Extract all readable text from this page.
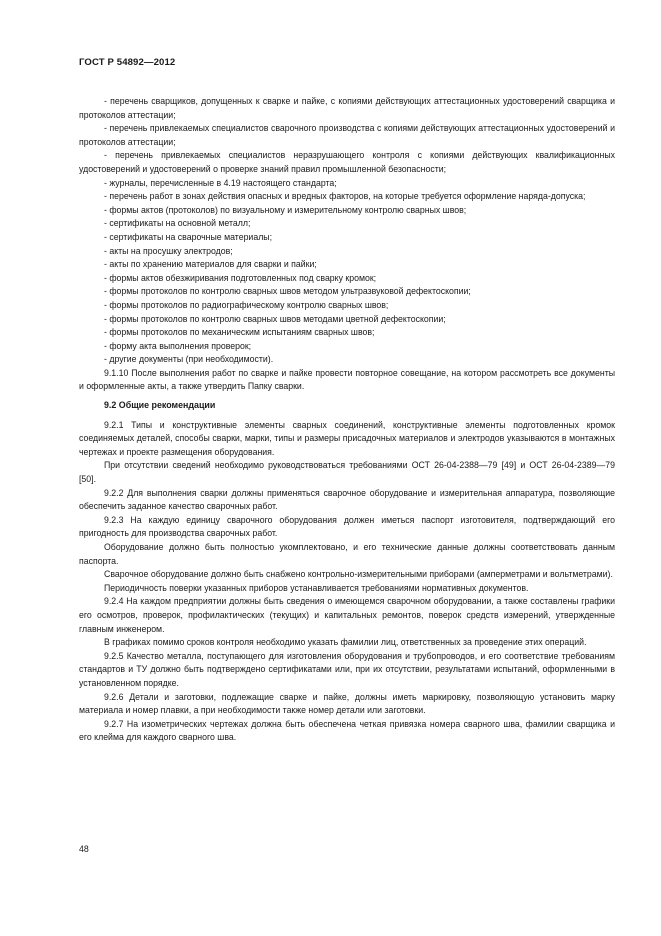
ГОСТ Р 54892—2012

- перечень сварщиков, допущенных к сварке и пайке, с копиями действующих аттестационных удостоверений сварщика и протоколов аттестации;

- перечень привлекаемых специалистов сварочного производства с копиями действующих аттестационных удостоверений и протоколов аттестации;

- перечень привлекаемых специалистов неразрушающего контроля с копиями действующих квалификационных удостоверений и удостоверений о проверке знаний правил промышленной безопасности;

- журналы, перечисленные в 4.19 настоящего стандарта;

- перечень работ в зонах действия опасных и вредных факторов, на которые требуется оформление наряда-допуска;

- формы актов (протоколов) по визуальному и измерительному контролю сварных швов;

- сертификаты на основной металл;

- сертификаты на сварочные материалы;

- акты на просушку электродов;

- акты по хранению материалов для сварки и пайки;

- формы актов обезжиривания подготовленных под сварку кромок;

- формы протоколов по контролю сварных швов методом ультразвуковой дефектоскопии;

- формы протоколов по радиографическому контролю сварных швов;

- формы протоколов по контролю сварных швов методами цветной дефектоскопии;

- формы протоколов по механическим испытаниям сварных швов;

- форму акта выполнения проверок;

- другие документы (при необходимости).

9.1.10 После выполнения работ по сварке и пайке провести повторное совещание, на котором рассмотреть все документы и оформленные акты, а также утвердить Папку сварки.

9.2 Общие рекомендации

9.2.1 Типы и конструктивные элементы сварных соединений, конструктивные элементы подготовленных кромок соединяемых деталей, способы сварки, марки, типы и размеры присадочных материалов и электродов указываются в монтажных чертежах и проекте размещения оборудования.

При отсутствии сведений необходимо руководствоваться требованиями ОСТ 26-04-2388—79 [49] и ОСТ 26-04-2389—79 [50].

9.2.2 Для выполнения сварки должны применяться сварочное оборудование и измерительная аппаратура, позволяющие обеспечить заданное качество сварочных работ.

9.2.3 На каждую единицу сварочного оборудования должен иметься паспорт изготовителя, подтверждающий его пригодность для производства сварочных работ.

Оборудование должно быть полностью укомплектовано, и его технические данные должны соответствовать данным паспорта.

Сварочное оборудование должно быть снабжено контрольно-измерительными приборами (амперметрами и вольтметрами).

Периодичность поверки указанных приборов устанавливается требованиями нормативных документов.

9.2.4 На каждом предприятии должны быть сведения о имеющемся сварочном оборудовании, а также составлены графики его осмотров, проверок, профилактических (текущих) и капитальных ремонтов, поверок средств измерений, утвержденные главным инженером.

В графиках помимо сроков контроля необходимо указать фамилии лиц, ответственных за проведение этих операций.

9.2.5 Качество металла, поступающего для изготовления оборудования и трубопроводов, и его соответствие требованиям стандартов и ТУ должно быть подтверждено сертификатами или, при их отсутствии, результатами испытаний, оформленными в установленном порядке.

9.2.6 Детали и заготовки, подлежащие сварке и пайке, должны иметь маркировку, позволяющую установить марку материала и номер плавки, а при необходимости также номер детали или заготовки.

9.2.7 На изометрических чертежах должна быть обеспечена четкая привязка номера сварного шва, фамилии сварщика и его клейма для каждого сварного шва.

48
